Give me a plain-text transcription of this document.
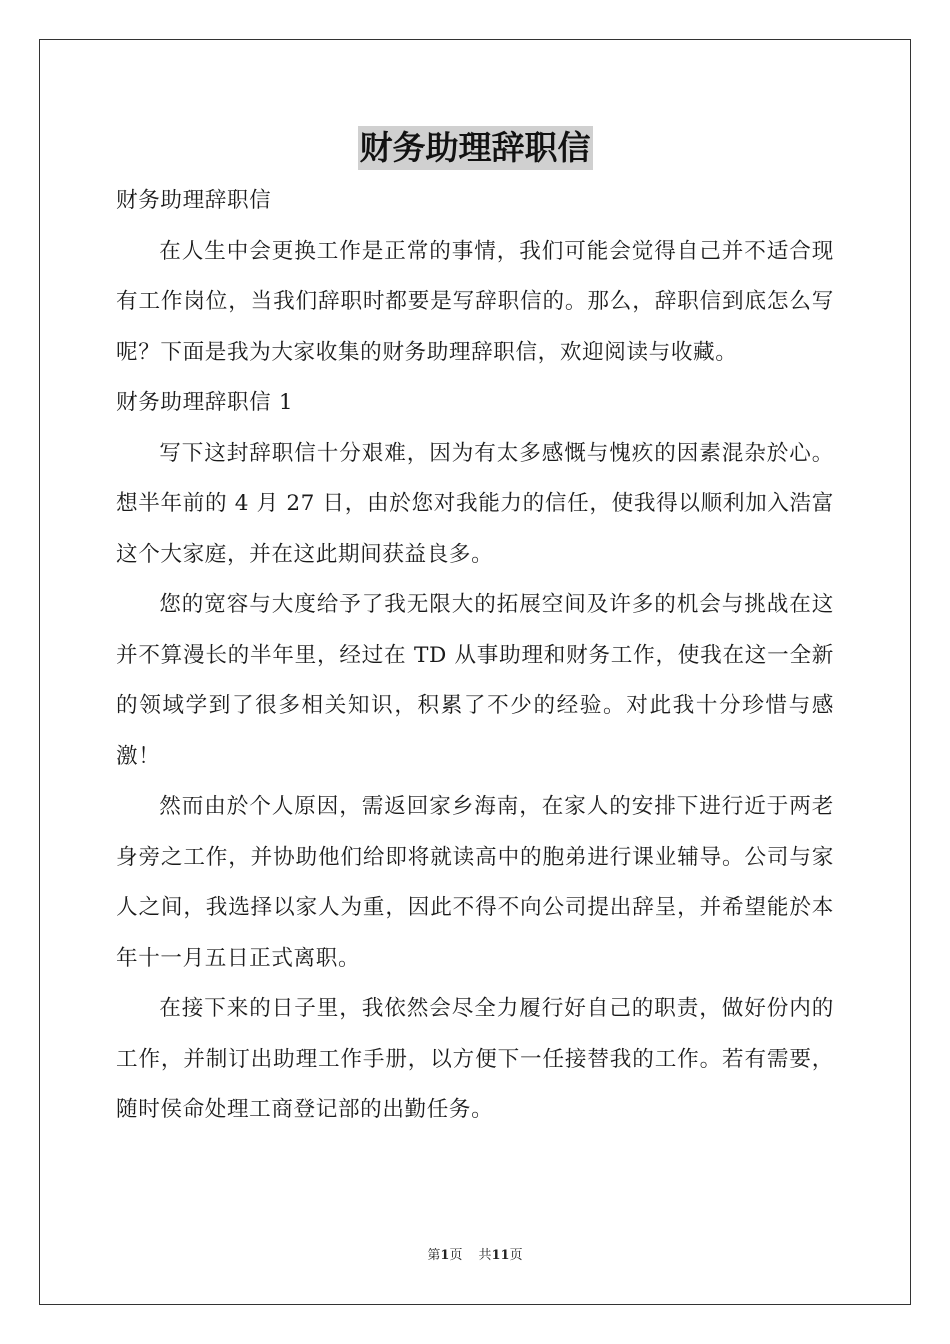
财务助理辞职信

财务助理辞职信

在人生中会更换工作是正常的事情，我们可能会觉得自己并不适合现有工作岗位，当我们辞职时都要是写辞职信的。那么，辞职信到底怎么写呢？下面是我为大家收集的财务助理辞职信，欢迎阅读与收藏。

财务助理辞职信 1

写下这封辞职信十分艰难，因为有太多感慨与愧疚的因素混杂於心。想半年前的 4 月 27 日，由於您对我能力的信任，使我得以顺利加入浩富这个大家庭，并在这此期间获益良多。

您的宽容与大度给予了我无限大的拓展空间及许多的机会与挑战在这并不算漫长的半年里，经过在 TD 从事助理和财务工作，使我在这一全新的领域学到了很多相关知识，积累了不少的经验。对此我十分珍惜与感激！

然而由於个人原因，需返回家乡海南，在家人的安排下进行近于两老身旁之工作，并协助他们给即将就读高中的胞弟进行课业辅导。公司与家人之间，我选择以家人为重，因此不得不向公司提出辞呈，并希望能於本年十一月五日正式离职。

在接下来的日子里，我依然会尽全力履行好自己的职责，做好份内的工作，并制订出助理工作手册，以方便下一任接替我的工作。若有需要，随时侯命处理工商登记部的出勤任务。

第1页 共11页
